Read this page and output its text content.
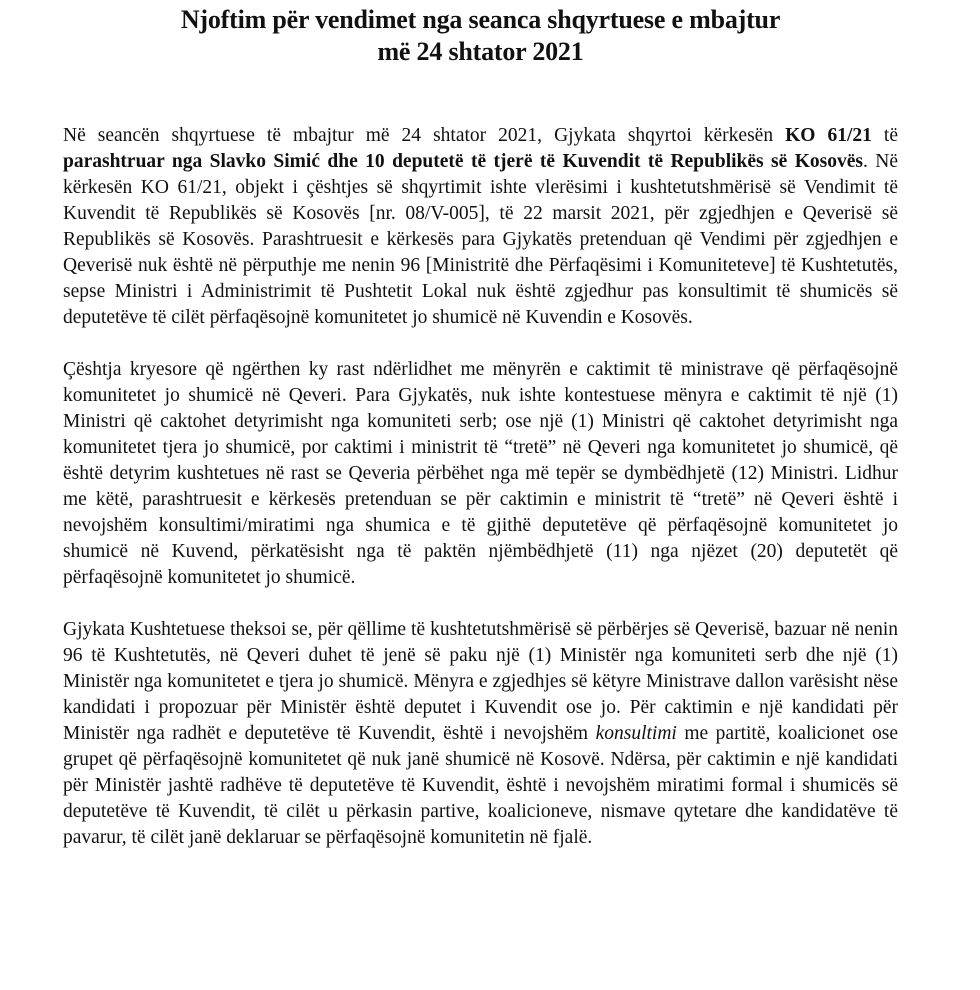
Njoftim për vendimet nga seanca shqyrtuese e mbajtur
më 24 shtator 2021

Në seancën shqyrtuese të mbajtur më 24 shtator 2021, Gjykata shqyrtoi kërkesën KO 61/21 të parashtruar nga Slavko Simić dhe 10 deputetë të tjerë të Kuvendit të Republikës së Kosovës. Në kërkesën KO 61/21, objekt i çështjes së shqyrtimit ishte vlerësimi i kushtetutshmërisë së Vendimit të Kuvendit të Republikës së Kosovës [nr. 08/V-005], të 22 marsit 2021, për zgjedhjen e Qeverisë së Republikës së Kosovës. Parashtruesit e kërkesës para Gjykatës pretenduan që Vendimi për zgjedhjen e Qeverisë nuk është në përputhje me nenin 96 [Ministritë dhe Përfaqësimi i Komuniteteve] të Kushtetutës, sepse Ministri i Administrimit të Pushtetit Lokal nuk është zgjedhur pas konsultimit të shumicës së deputetëve të cilët përfaqësojnë komunitetet jo shumicë në Kuvendin e Kosovës.

Çështja kryesore që ngërthen ky rast ndërlidhet me mënyrën e caktimit të ministrave që përfaqësojnë komunitetet jo shumicë në Qeveri. Para Gjykatës, nuk ishte kontestuese mënyra e caktimit të një (1) Ministri që caktohet detyrimisht nga komuniteti serb; ose një (1) Ministri që caktohet detyrimisht nga komunitetet tjera jo shumicë, por caktimi i ministrit të “tretë” në Qeveri nga komunitetet jo shumicë, që është detyrim kushtetues në rast se Qeveria përbëhet nga më tepër se dymbëdhjetë (12) Ministri. Lidhur me këtë, parashtruesit e kërkesës pretenduan se për caktimin e ministrit të “tretë” në Qeveri është i nevojshëm konsultimi/miratimi nga shumica e të gjithë deputetëve që përfaqësojnë komunitetet jo shumicë në Kuvend, përkatësisht nga të paktën njëmbëdhjetë (11) nga njëzet (20) deputetët që përfaqësojnë komunitetet jo shumicë.

Gjykata Kushtetuese theksoi se, për qëllime të kushtetutshmërisë së përbërjes së Qeverisë, bazuar në nenin 96 të Kushtetutës, në Qeveri duhet të jenë së paku një (1) Ministër nga komuniteti serb dhe një (1) Ministër nga komunitetet e tjera jo shumicë. Mënyra e zgjedhjes së këtyre Ministrave dallon varësisht nëse kandidati i propozuar për Ministër është deputet i Kuvendit ose jo. Për caktimin e një kandidati për Ministër nga radhët e deputetëve të Kuvendit, është i nevojshëm konsultimi me partitë, koalicionet ose grupet që përfaqësojnë komunitetet që nuk janë shumicë në Kosovë. Ndërsa, për caktimin e një kandidati për Ministër jashtë radhëve të deputetëve të Kuvendit, është i nevojshëm miratimi formal i shumicës së deputetëve të Kuvendit, të cilët u përkasin partive, koalicioneve, nismave qytetare dhe kandidatëve të pavarur, të cilët janë deklaruar se përfaqësojnë komunitetin në fjalë.
